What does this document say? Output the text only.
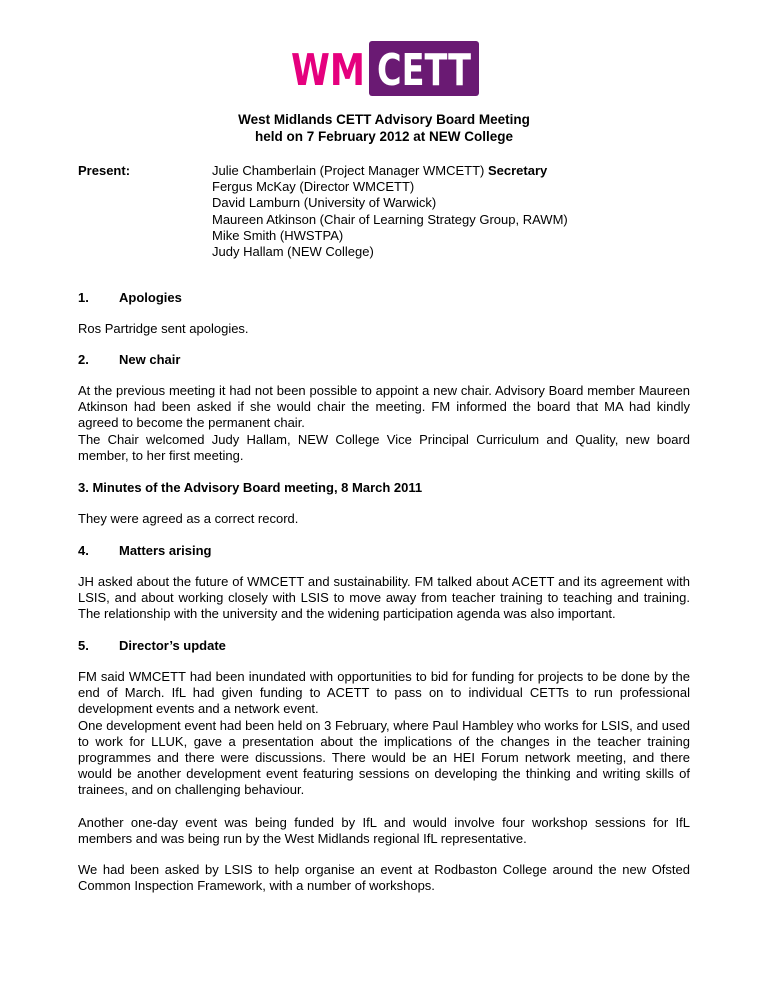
WM CETT
West Midlands CETT Advisory Board Meeting
held on 7 February 2012 at NEW College
Present:	Julie Chamberlain (Project Manager WMCETT) Secretary
Fergus McKay (Director WMCETT)
David Lamburn (University of Warwick)
Maureen Atkinson (Chair of Learning Strategy Group, RAWM)
Mike Smith (HWSTPA)
Judy Hallam (NEW College)
1. Apologies

Ros Partridge sent apologies.

2. New chair

At the previous meeting it had not been possible to appoint a new chair. Advisory Board member Maureen Atkinson had been asked if she would chair the meeting. FM informed the board that MA had kindly agreed to become the permanent chair.
The Chair welcomed Judy Hallam, NEW College Vice Principal Curriculum and Quality, new board member, to her first meeting.

3. Minutes of the Advisory Board meeting, 8 March 2011

They were agreed as a correct record.

4. Matters arising

JH asked about the future of WMCETT and sustainability. FM talked about ACETT and its agreement with LSIS, and about working closely with LSIS to move away from teacher training to teaching and training. The relationship with the university and the widening participation agenda was also important.

5. Director’s update

FM said WMCETT had been inundated with opportunities to bid for funding for projects to be done by the end of March. IfL had given funding to ACETT to pass on to individual CETTs to run professional development events and a network event.
One development event had been held on 3 February, where Paul Hambley who works for LSIS, and used to work for LLUK, gave a presentation about the implications of the changes in the teacher training programmes and there were discussions. There would be an HEI Forum network meeting, and there would be another development event featuring sessions on developing the thinking and writing skills of trainees, and on challenging behaviour.

Another one-day event was being funded by IfL and would involve four workshop sessions for IfL members and was being run by the West Midlands regional IfL representative.

We had been asked by LSIS to help organise an event at Rodbaston College around the new Ofsted Common Inspection Framework, with a number of workshops.
